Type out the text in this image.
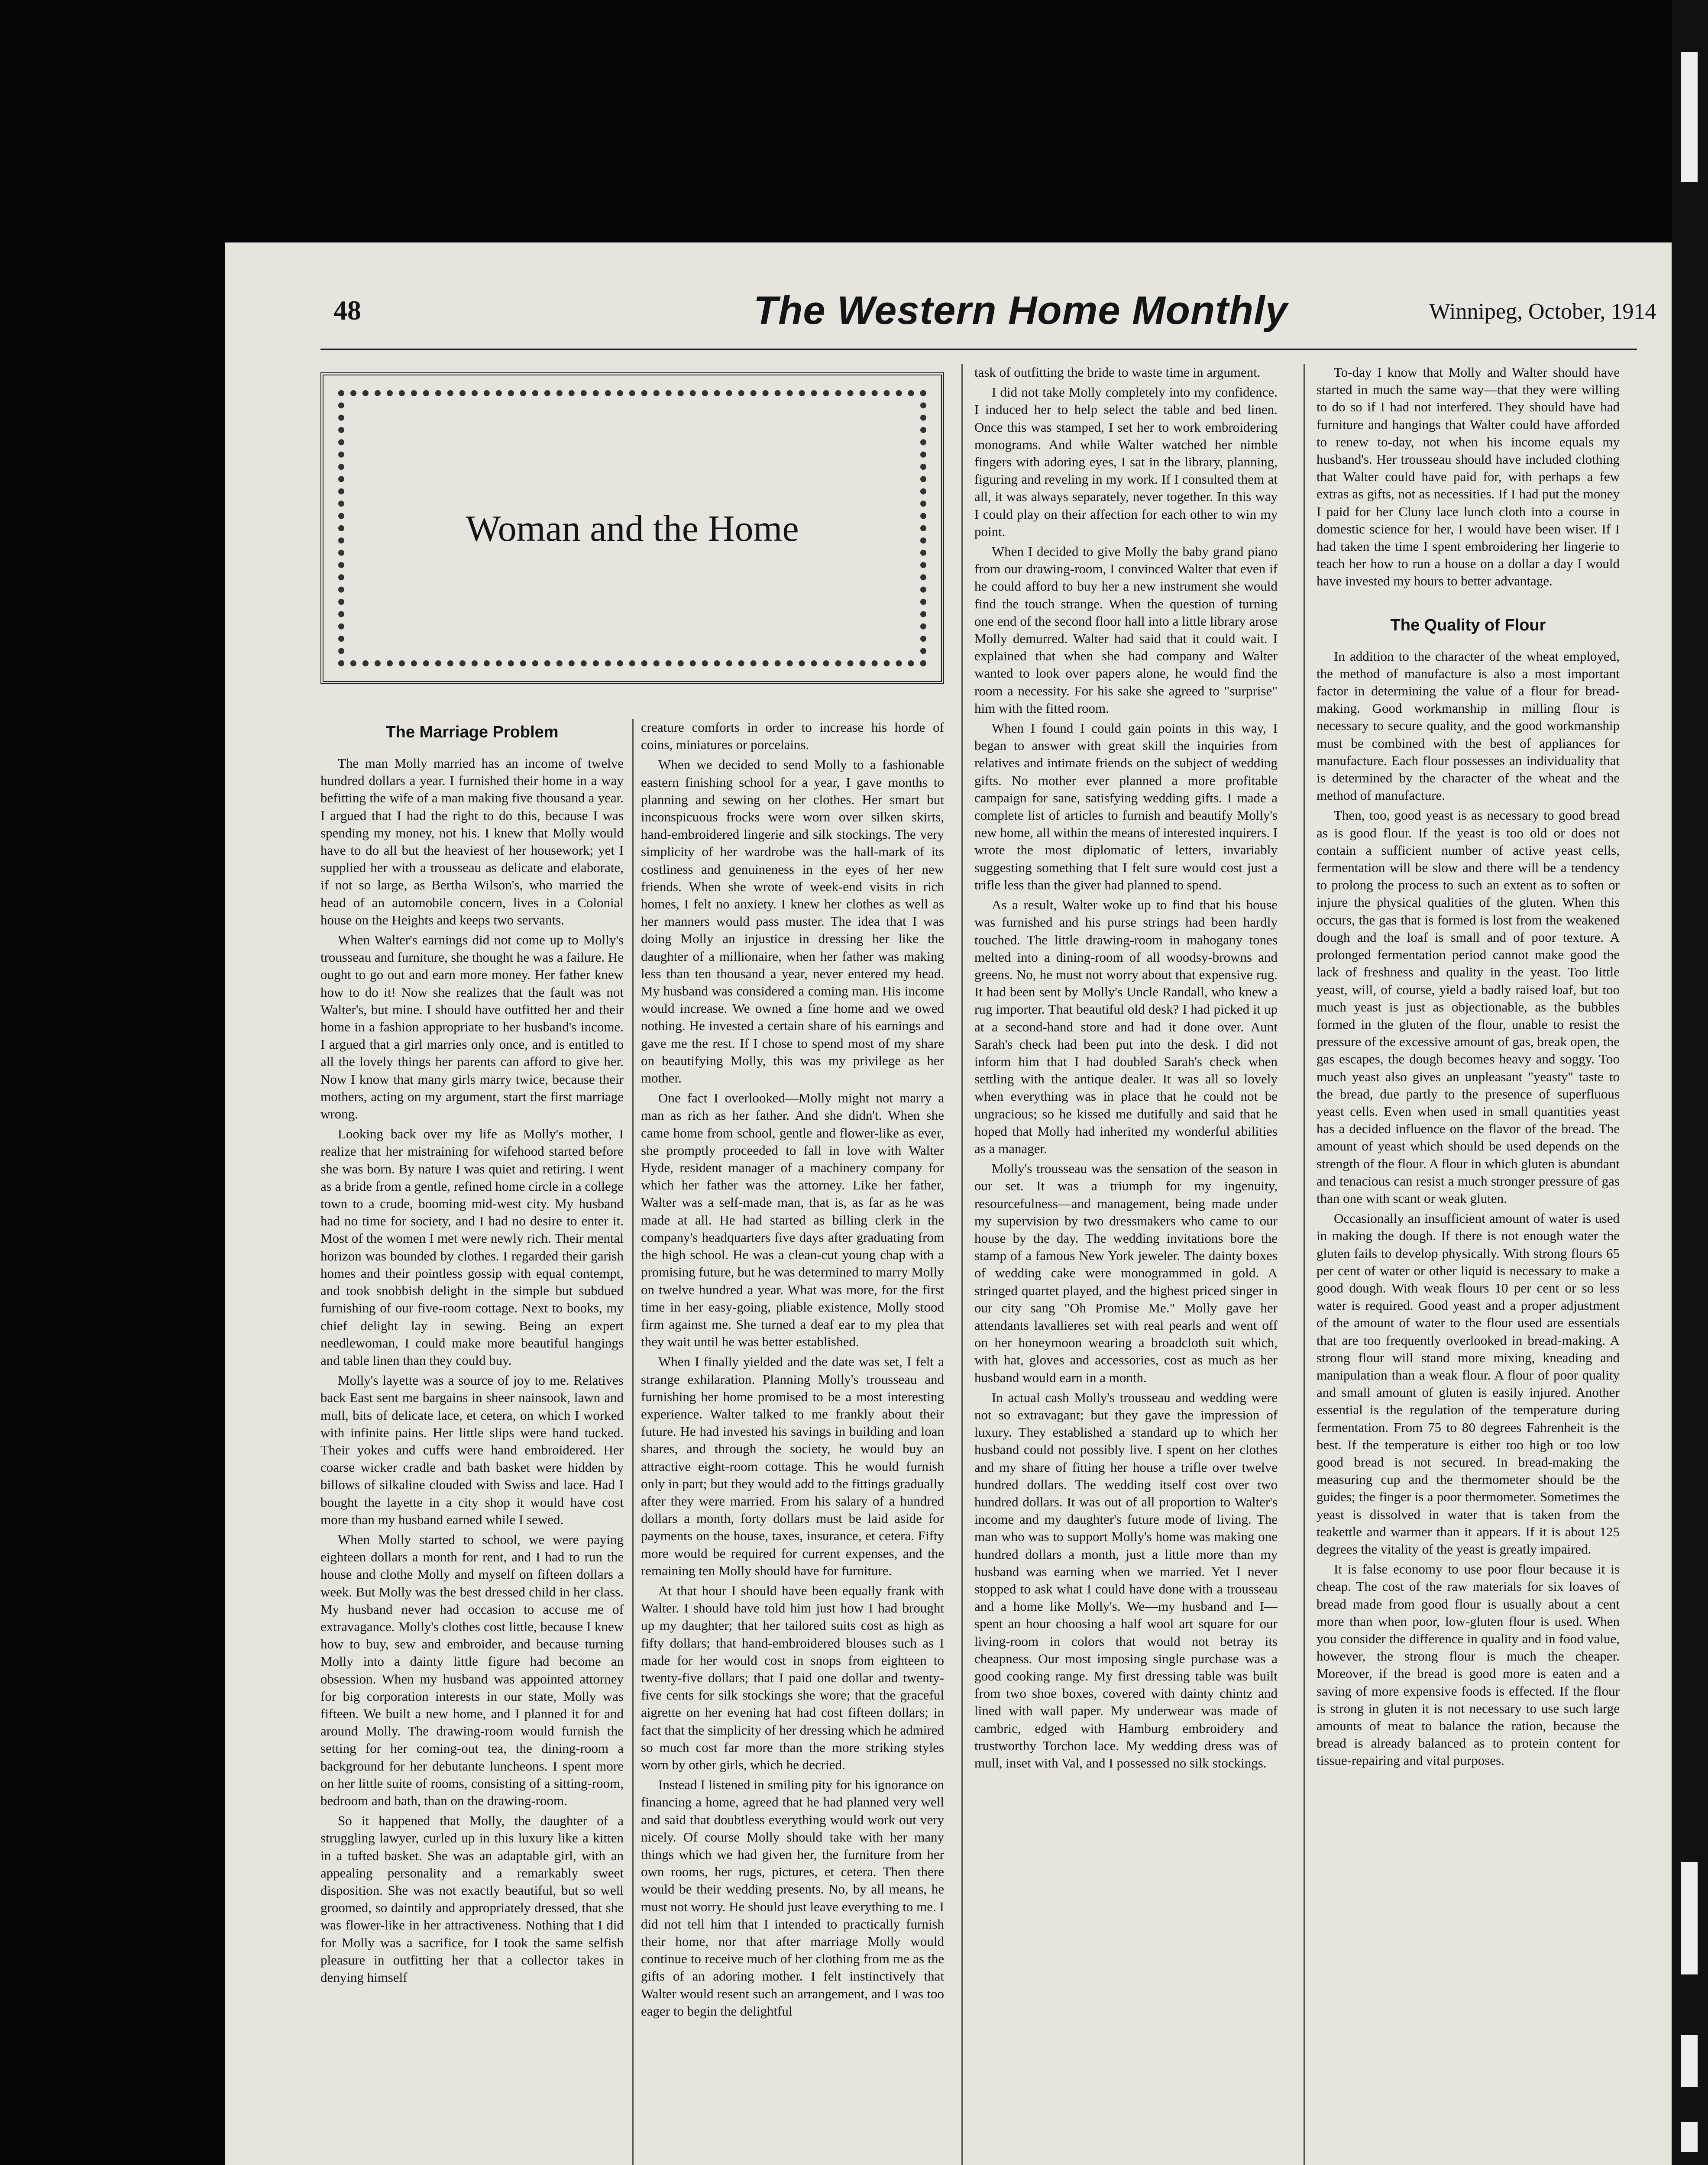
48	The Western Home Monthly	Winnipeg, October, 1914
Woman and the Home
The Marriage Problem

The man Molly married has an income of twelve hundred dollars a year. I furnished their home in a way befitting the wife of a man making five thousand a year. I argued that I had the right to do this, because I was spending my money, not his. I knew that Molly would have to do all but the heaviest of her housework; yet I supplied her with a trousseau as delicate and elaborate, if not so large, as Bertha Wilson's, who married the head of an automobile concern, lives in a Colonial house on the Heights and keeps two servants.

When Walter's earnings did not come up to Molly's trousseau and furniture, she thought he was a failure. He ought to go out and earn more money. Her father knew how to do it! Now she realizes that the fault was not Walter's, but mine. I should have outfitted her and their home in a fashion appropriate to her husband's income. I argued that a girl marries only once, and is entitled to all the lovely things her parents can afford to give her. Now I know that many girls marry twice, because their mothers, acting on my argument, start the first marriage wrong.

Looking back over my life as Molly's mother, I realize that her mistraining for wifehood started before she was born. By nature I was quiet and retiring. I went as a bride from a gentle, refined home circle in a college town to a crude, booming mid-west city. My husband had no time for society, and I had no desire to enter it. Most of the women I met were newly rich. Their mental horizon was bounded by clothes. I regarded their garish homes and their pointless gossip with equal contempt, and took snobbish delight in the simple but subdued furnishing of our five-room cottage. Next to books, my chief delight lay in sewing. Being an expert needlewoman, I could make more beautiful hangings and table linen than they could buy.

Molly's layette was a source of joy to me. Relatives back East sent me bargains in sheer nainsook, lawn and mull, bits of delicate lace, et cetera, on which I worked with infinite pains. Her little slips were hand tucked. Their yokes and cuffs were hand embroidered. Her coarse wicker cradle and bath basket were hidden by billows of silkaline clouded with Swiss and lace. Had I bought the layette in a city shop it would have cost more than my husband earned while I sewed.

When Molly started to school, we were paying eighteen dollars a month for rent, and I had to run the house and clothe Molly and myself on fifteen dollars a week. But Molly was the best dressed child in her class. My husband never had occasion to accuse me of extravagance. Molly's clothes cost little, because I knew how to buy, sew and embroider, and because turning Molly into a dainty little figure had become an obsession. When my husband was appointed attorney for big corporation interests in our state, Molly was fifteen. We built a new home, and I planned it for and around Molly. The drawing-room would furnish the setting for her coming-out tea, the dining-room a background for her debutante luncheons. I spent more on her little suite of rooms, consisting of a sitting-room, bedroom and bath, than on the drawing-room.

So it happened that Molly, the daughter of a struggling lawyer, curled up in this luxury like a kitten in a tufted basket. She was an adaptable girl, with an appealing personality and a remarkably sweet disposition. She was not exactly beautiful, but so well groomed, so daintily and appropriately dressed, that she was flower-like in her attractiveness. Nothing that I did for Molly was a sacrifice, for I took the same selfish pleasure in outfitting her that a collector takes in denying himself

creature comforts in order to increase his horde of coins, miniatures or porcelains.

When we decided to send Molly to a fashionable eastern finishing school for a year, I gave months to planning and sewing on her clothes. Her smart but inconspicuous frocks were worn over silken skirts, hand-embroidered lingerie and silk stockings. The very simplicity of her wardrobe was the hall-mark of its costliness and genuineness in the eyes of her new friends. When she wrote of week-end visits in rich homes, I felt no anxiety. I knew her clothes as well as her manners would pass muster. The idea that I was doing Molly an injustice in dressing her like the daughter of a millionaire, when her father was making less than ten thousand a year, never entered my head. My husband was considered a coming man. His income would increase. We owned a fine home and we owed nothing. He invested a certain share of his earnings and gave me the rest. If I chose to spend most of my share on beautifying Molly, this was my privilege as her mother.

One fact I overlooked—Molly might not marry a man as rich as her father. And she didn't. When she came home from school, gentle and flower-like as ever, she promptly proceeded to fall in love with Walter Hyde, resident manager of a machinery company for which her father was the attorney. Like her father, Walter was a self-made man, that is, as far as he was made at all. He had started as billing clerk in the company's headquarters five days after graduating from the high school. He was a clean-cut young chap with a promising future, but he was determined to marry Molly on twelve hundred a year. What was more, for the first time in her easy-going, pliable existence, Molly stood firm against me. She turned a deaf ear to my plea that they wait until he was better established.

When I finally yielded and the date was set, I felt a strange exhilaration. Planning Molly's trousseau and furnishing her home promised to be a most interesting experience. Walter talked to me frankly about their future. He had invested his savings in building and loan shares, and through the society, he would buy an attractive eight-room cottage. This he would furnish only in part; but they would add to the fittings gradually after they were married. From his salary of a hundred dollars a month, forty dollars must be laid aside for payments on the house, taxes, insurance, et cetera. Fifty more would be required for current expenses, and the remaining ten Molly should have for furniture.

At that hour I should have been equally frank with Walter. I should have told him just how I had brought up my daughter; that her tailored suits cost as high as fifty dollars; that hand-embroidered blouses such as I made for her would cost in snops from eighteen to twenty-five dollars; that I paid one dollar and twenty-five cents for silk stockings she wore; that the graceful aigrette on her evening hat had cost fifteen dollars; in fact that the simplicity of her dressing which he admired so much cost far more than the more striking styles worn by other girls, which he decried.

Instead I listened in smiling pity for his ignorance on financing a home, agreed that he had planned very well and said that doubtless everything would work out very nicely. Of course Molly should take with her many things which we had given her, the furniture from her own rooms, her rugs, pictures, et cetera. Then there would be their wedding presents. No, by all means, he must not worry. He should just leave everything to me. I did not tell him that I intended to practically furnish their home, nor that after marriage Molly would continue to receive much of her clothing from me as the gifts of an adoring mother. I felt instinctively that Walter would resent such an arrangement, and I was too eager to begin the delightful

task of outfitting the bride to waste time in argument.

I did not take Molly completely into my confidence. I induced her to help select the table and bed linen. Once this was stamped, I set her to work embroidering monograms. And while Walter watched her nimble fingers with adoring eyes, I sat in the library, planning, figuring and reveling in my work. If I consulted them at all, it was always separately, never together. In this way I could play on their affection for each other to win my point.

When I decided to give Molly the baby grand piano from our drawing-room, I convinced Walter that even if he could afford to buy her a new instrument she would find the touch strange. When the question of turning one end of the second floor hall into a little library arose Molly demurred. Walter had said that it could wait. I explained that when she had company and Walter wanted to look over papers alone, he would find the room a necessity. For his sake she agreed to "surprise" him with the fitted room.

When I found I could gain points in this way, I began to answer with great skill the inquiries from relatives and intimate friends on the subject of wedding gifts. No mother ever planned a more profitable campaign for sane, satisfying wedding gifts. I made a complete list of articles to furnish and beautify Molly's new home, all within the means of interested inquirers. I wrote the most diplomatic of letters, invariably suggesting something that I felt sure would cost just a trifle less than the giver had planned to spend.

As a result, Walter woke up to find that his house was furnished and his purse strings had been hardly touched. The little drawing-room in mahogany tones melted into a dining-room of all woodsy-browns and greens. No, he must not worry about that expensive rug. It had been sent by Molly's Uncle Randall, who knew a rug importer. That beautiful old desk? I had picked it up at a second-hand store and had it done over. Aunt Sarah's check had been put into the desk. I did not inform him that I had doubled Sarah's check when settling with the antique dealer. It was all so lovely when everything was in place that he could not be ungracious; so he kissed me dutifully and said that he hoped that Molly had inherited my wonderful abilities as a manager.

Molly's trousseau was the sensation of the season in our set. It was a triumph for my ingenuity, resourcefulness—and management, being made under my supervision by two dressmakers who came to our house by the day. The wedding invitations bore the stamp of a famous New York jeweler. The dainty boxes of wedding cake were monogrammed in gold. A stringed quartet played, and the highest priced singer in our city sang "Oh Promise Me." Molly gave her attendants lavallieres set with real pearls and went off on her honeymoon wearing a broadcloth suit which, with hat, gloves and accessories, cost as much as her husband would earn in a month.

In actual cash Molly's trousseau and wedding were not so extravagant; but they gave the impression of luxury. They established a standard up to which her husband could not possibly live. I spent on her clothes and my share of fitting her house a trifle over twelve hundred dollars. The wedding itself cost over two hundred dollars. It was out of all proportion to Walter's income and my daughter's future mode of living. The man who was to support Molly's home was making one hundred dollars a month, just a little more than my husband was earning when we married. Yet I never stopped to ask what I could have done with a trousseau and a home like Molly's. We—my husband and I—spent an hour choosing a half wool art square for our living-room in colors that would not betray its cheapness. Our most imposing single purchase was a good cooking range. My first dressing table was built from two shoe boxes, covered with dainty chintz and lined with wall paper. My underwear was made of cambric, edged with Hamburg embroidery and trustworthy Torchon lace. My wedding dress was of mull, inset with Val, and I possessed no silk stockings.

To-day I know that Molly and Walter should have started in much the same way—that they were willing to do so if I had not interfered. They should have had furniture and hangings that Walter could have afforded to renew to-day, not when his income equals my husband's. Her trousseau should have included clothing that Walter could have paid for, with perhaps a few extras as gifts, not as necessities. If I had put the money I paid for her Cluny lace lunch cloth into a course in domestic science for her, I would have been wiser. If I had taken the time I spent embroidering her lingerie to teach her how to run a house on a dollar a day I would have invested my hours to better advantage.

The Quality of Flour

In addition to the character of the wheat employed, the method of manufacture is also a most important factor in determining the value of a flour for bread-making. Good workmanship in milling flour is necessary to secure quality, and the good workmanship must be combined with the best of appliances for manufacture. Each flour possesses an individuality that is determined by the character of the wheat and the method of manufacture.

Then, too, good yeast is as necessary to good bread as is good flour. If the yeast is too old or does not contain a sufficient number of active yeast cells, fermentation will be slow and there will be a tendency to prolong the process to such an extent as to soften or injure the physical qualities of the gluten. When this occurs, the gas that is formed is lost from the weakened dough and the loaf is small and of poor texture. A prolonged fermentation period cannot make good the lack of freshness and quality in the yeast. Too little yeast, will, of course, yield a badly raised loaf, but too much yeast is just as objectionable, as the bubbles formed in the gluten of the flour, unable to resist the pressure of the excessive amount of gas, break open, the gas escapes, the dough becomes heavy and soggy. Too much yeast also gives an unpleasant "yeasty" taste to the bread, due partly to the presence of superfluous yeast cells. Even when used in small quantities yeast has a decided influence on the flavor of the bread. The amount of yeast which should be used depends on the strength of the flour. A flour in which gluten is abundant and tenacious can resist a much stronger pressure of gas than one with scant or weak gluten.

Occasionally an insufficient amount of water is used in making the dough. If there is not enough water the gluten fails to develop physically. With strong flours 65 per cent of water or other liquid is necessary to make a good dough. With weak flours 10 per cent or so less water is required. Good yeast and a proper adjustment of the amount of water to the flour used are essentials that are too frequently overlooked in bread-making. A strong flour will stand more mixing, kneading and manipulation than a weak flour. A flour of poor quality and small amount of gluten is easily injured. Another essential is the regulation of the temperature during fermentation. From 75 to 80 degrees Fahrenheit is the best. If the temperature is either too high or too low good bread is not secured. In bread-making the measuring cup and the thermometer should be the guides; the finger is a poor thermometer. Sometimes the yeast is dissolved in water that is taken from the teakettle and warmer than it appears. If it is about 125 degrees the vitality of the yeast is greatly impaired.

It is false economy to use poor flour because it is cheap. The cost of the raw materials for six loaves of bread made from good flour is usually about a cent more than when poor, low-gluten flour is used. When you consider the difference in quality and in food value, however, the strong flour is much the cheaper. Moreover, if the bread is good more is eaten and a saving of more expensive foods is effected. If the flour is strong in gluten it is not necessary to use such large amounts of meat to balance the ration, because the bread is already balanced as to protein content for tissue-repairing and vital purposes.
